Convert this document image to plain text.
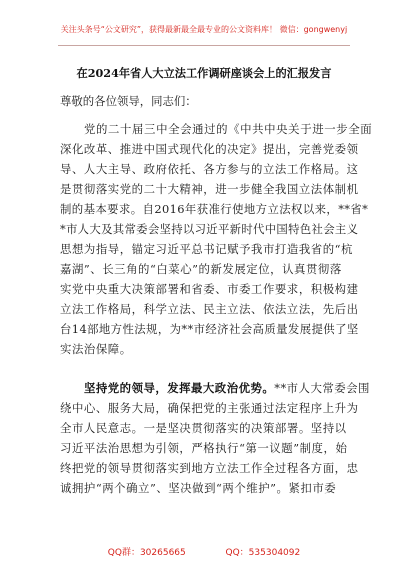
关注头条号“公文研究”，获得最新最全最专业的公文资料库！ 微信：gongwenyj
在2024年省人大立法工作调研座谈会上的汇报发言
尊敬的各位领导，同志们：
党的二十届三中全会通过的《中共中央关于进一步全面
深化改革、推进中国式现代化的决定》提出，完善党委领
导、人大主导、政府依托、各方参与的立法工作格局。这
是贯彻落实党的二十大精神，进一步健全我国立法体制机
制的基本要求。自2016年获准行使地方立法权以来，**省*
*市人大及其常委会坚持以习近平新时代中国特色社会主义
思想为指导，锚定习近平总书记赋予我市打造我省的“杭
嘉湖”、长三角的“白菜心”的新发展定位，认真贯彻落
实党中央重大决策部署和省委、市委工作要求，积极构建
立法工作格局，科学立法、民主立法、依法立法，先后出
台14部地方性法规，为**市经济社会高质量发展提供了坚
实法治保障。
坚持党的领导，发挥最大政治优势。**市人大常委会围
绕中心、服务大局，确保把党的主张通过法定程序上升为
全市人民意志。一是坚决贯彻落实的决策部署。坚持以
习近平法治思想为引领，严格执行“第一议题”制度，始
终把党的领导贯彻落实到地方立法工作全过程各方面，忠
诚拥护“两个确立”、坚决做到“两个维护”。紧扣市委
QQ群：30265665	QQ：535304092
